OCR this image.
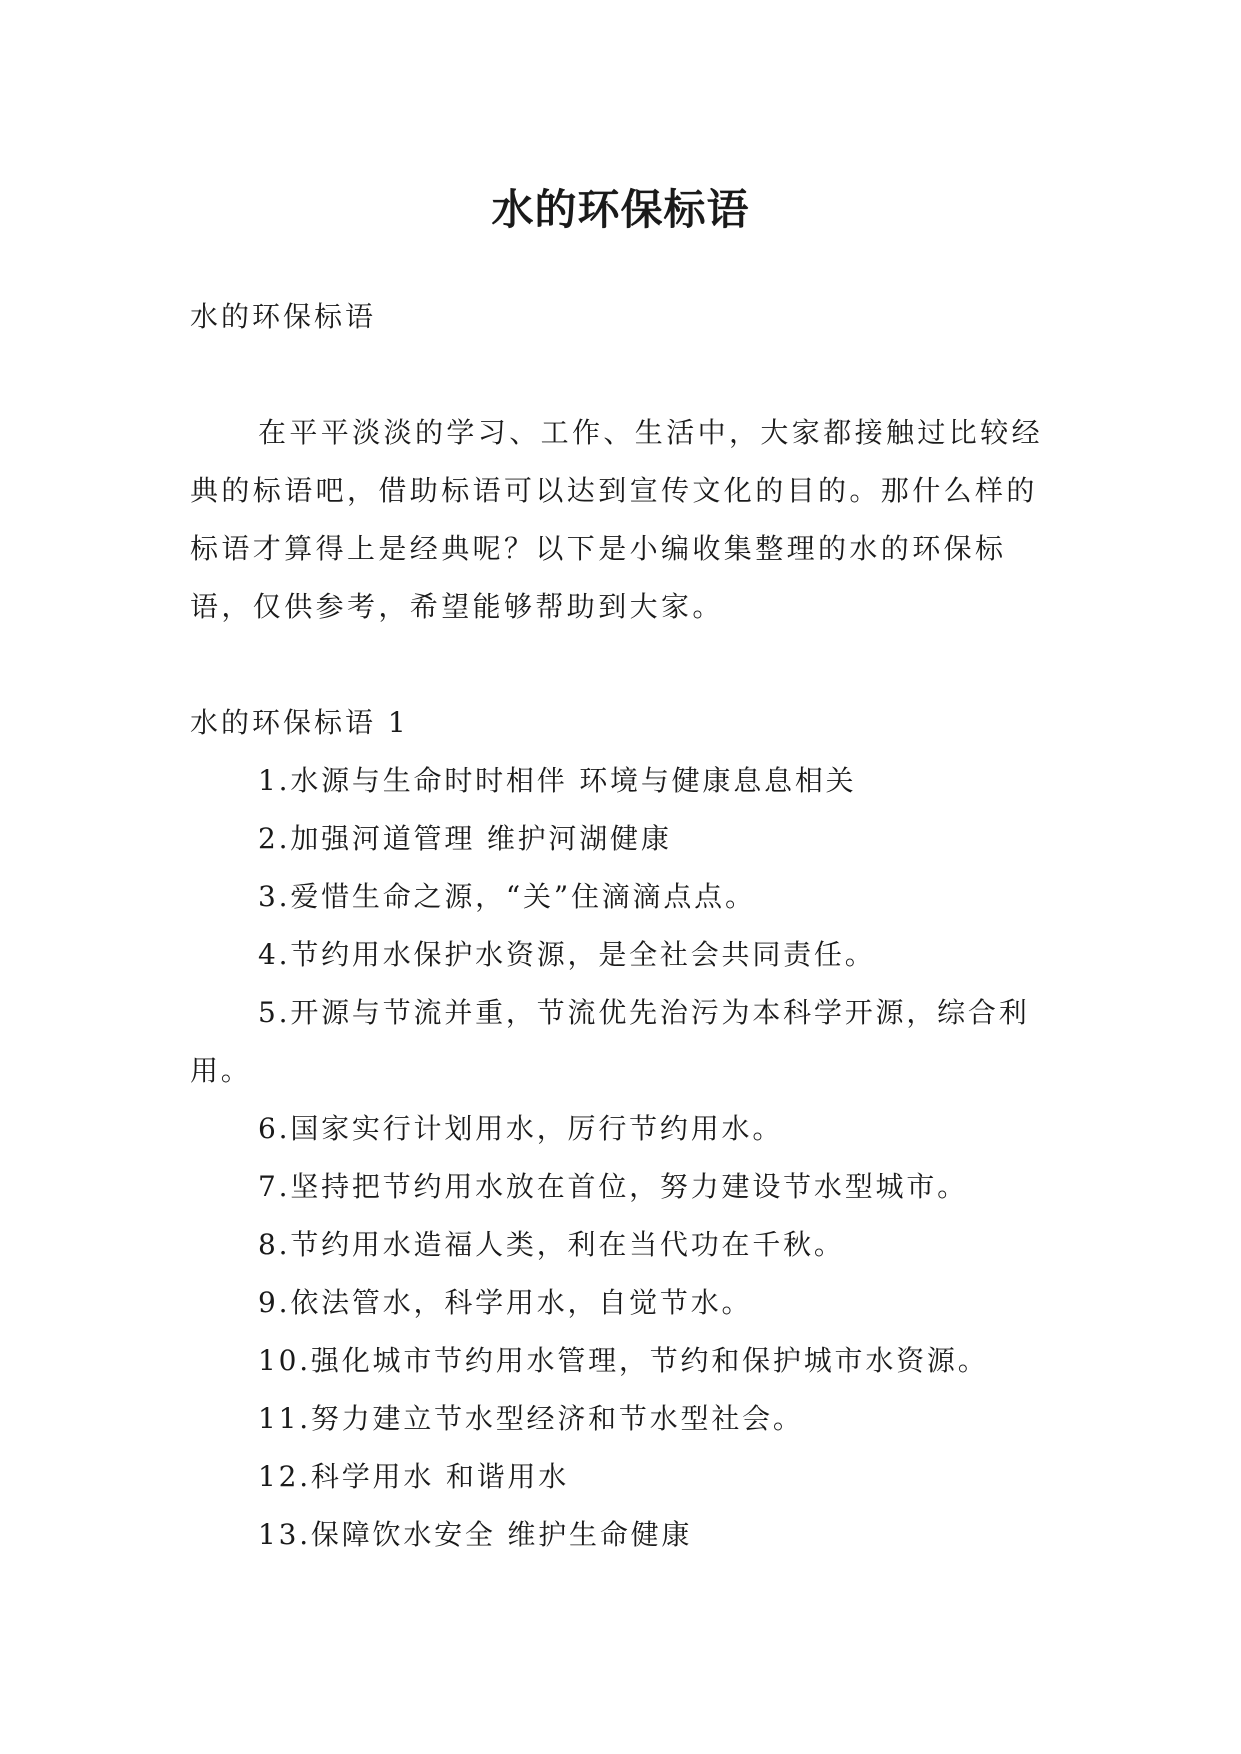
水的环保标语

水的环保标语

在平平淡淡的学习、工作、生活中，大家都接触过比较经典的标语吧，借助标语可以达到宣传文化的目的。那什么样的标语才算得上是经典呢？以下是小编收集整理的水的环保标语，仅供参考，希望能够帮助到大家。

水的环保标语 1

1.水源与生命时时相伴 环境与健康息息相关

2.加强河道管理 维护河湖健康

3.爱惜生命之源，“关”住滴滴点点。

4.节约用水保护水资源，是全社会共同责任。

5.开源与节流并重，节流优先治污为本科学开源，综合利用。

6.国家实行计划用水，厉行节约用水。

7.坚持把节约用水放在首位，努力建设节水型城市。

8.节约用水造福人类，利在当代功在千秋。

9.依法管水，科学用水，自觉节水。

10.强化城市节约用水管理，节约和保护城市水资源。

11.努力建立节水型经济和节水型社会。

12.科学用水 和谐用水

13.保障饮水安全 维护生命健康
